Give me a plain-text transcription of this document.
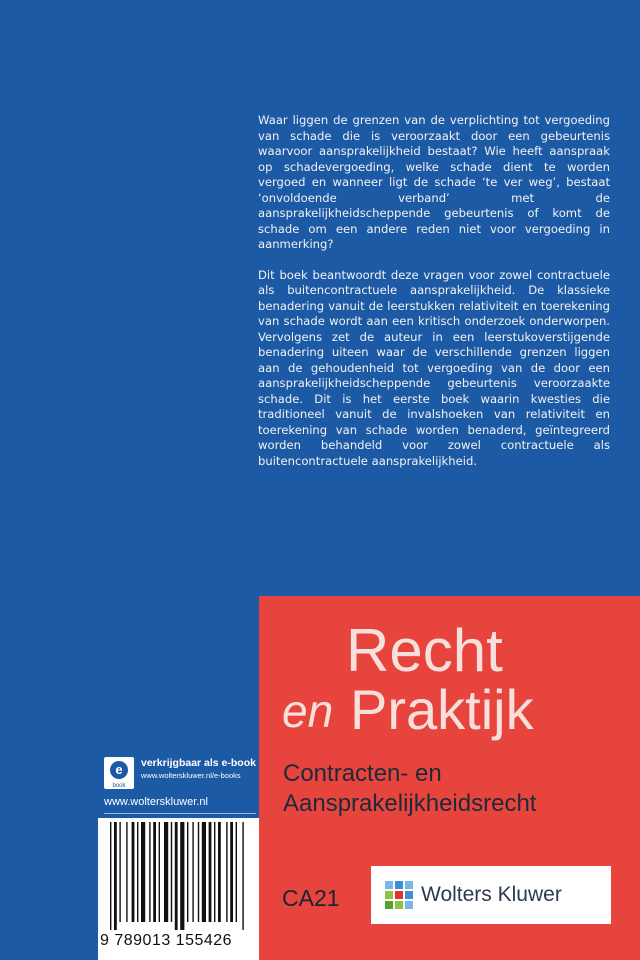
Waar liggen de grenzen van de verplichting tot vergoeding van schade die is veroorzaakt door een gebeurtenis waarvoor aansprakelijkheid bestaat? Wie heeft aanspraak op schadevergoeding, welke schade dient te worden vergoed en wanneer ligt de schade ‘te ver weg’, bestaat ‘onvoldoende verband’ met de aansprakelijkheidscheppende gebeurtenis of komt de schade om een andere reden niet voor vergoeding in aanmerking?

Dit boek beantwoordt deze vragen voor zowel contractuele als buitencontractuele aansprakelijkheid. De klassieke benadering vanuit de leerstukken relativiteit en toerekening van schade wordt aan een kritisch onderzoek onderworpen. Vervolgens zet de auteur in een leerstukoverstijgende benadering uiteen waar de verschillende grenzen liggen aan de gehoudenheid tot vergoeding van de door een aansprakelijkheidscheppende gebeurtenis veroorzaakte schade. Dit is het eerste boek waarin kwesties die traditioneel vanuit de invalshoeken van relativiteit en toerekening van schade worden benaderd, geïntegreerd worden behandeld voor zowel contractuele als buitencontractuele aansprakelijkheid.

Recht
en Praktijk
Contracten- en
Aansprakelijkheidsrecht
CA21	Wolters Kluwer
e
book
verkrijgbaar als e-book
www.wolterskluwer.nl/e-books
www.wolterskluwer.nl
9 789013 155426
